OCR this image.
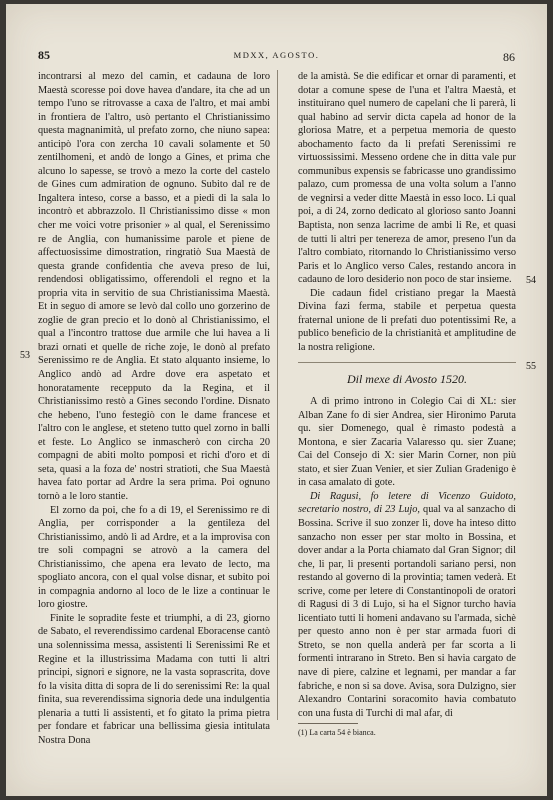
85	MDXX, AGOSTO.	86
53
54
55

incontrarsi al mezo del camin, et cadauna de loro Maestà scoresse poi dove havea d'andare, ita che ad un tempo l'uno se ritrovasse a caxa de l'altro, et mai ambi in frontiera de l'altro, usò pertanto el Christianissimo questa magnanimità, ul prefato zorno, che niuno sapea: anticipò l'ora con zercha 10 cavali solamente et 50 zentilhomeni, et andò de longo a Gines, et prima che alcuno lo sapesse, se trovò a mezo la corte del castelo de Gines cum admiration de ognuno. Subito dal re de Ingaltera inteso, corse a basso, et a piedi di la sala lo incontrò et abbrazzolo. Il Christianissimo disse « mon cher me voici votre prisonier » al qual, el Serenissimo re de Anglia, con humanissime parole et piene de affectuosissime dimostration, ringratiò Sua Maestà de questa grande confidentia che aveva preso de lui, rendendosi obligatissimo, offerendoli el regno et la propria vita in servitio de sua Christianissima Maestà. Et in seguo di amore se levò dal collo uno gorzerino de zoglie de gran precio et lo donò al Christianissimo, el qual a l'incontro trattose due armile che lui havea a li brazi ornati et quelle de riche zoje, le donò al prefato Serenissimo re de Anglia. Et stato alquanto insieme, lo Anglico andò ad Ardre dove era aspetato et honoratamente recepputo da la Regina, et il Christianissimo restò a Gines secondo l'ordine. Disnato che hebeno, l'uno festegiò con le dame francese et l'altro con le anglese, et steteno tutto quel zorno in balli et feste. Lo Anglico se inmascherò con circha 20 compagni de abiti molto pomposi et richi d'oro et di seta, quasi a la foza de' nostri stratioti, che Sua Maestà havea fato portar ad Ardre la sera prima. Poi ognuno tornò a le loro stantie.

El zorno da poi, che fo a di 19, el Serenissimo re di Anglia, per corrisponder a la gentileza del Christianissimo, andò lì ad Ardre, et a la improvisa con tre soli compagni se atrovò a la camera del Christianissimo, che apena era levato de lecto, ma spogliato ancora, con el qual volse disnar, et subito poi in compagnia andorno al loco de le lize a continuar le loro giostre.

Finite le sopradite feste et triumphi, a di 23, giorno de Sabato, el reverendissimo cardenal Eboracense cantò una solennissima messa, assistenti li Serenissimi Re et Regine et la illustrissima Madama con tutti li altri principi, signori e signore, ne la vasta soprascrita, dove fo la visita ditta di sopra de li do serenissimi Re: la qual finita, sua reverendissima signoria dede una indulgentia plenaria a tutti li assistenti, et fo gitato la prima pietra per fondare et fabricar una bellissima giesia intitulata Nostra Dona

de la amistà. Se die edificar et ornar di paramenti, et dotar a comune spese de l'una et l'altra Maestà, et instituirano quel numero de capelani che li parerà, li qual habino ad servir dicta capela ad honor de la gloriosa Matre, et a perpetua memoria de questo abochamento facto da li prefati Serenissimi re virtuossissimi. Messeno ordene che in ditta vale pur communibus expensis se fabricasse uno grandissimo palazo, cum promessa de una volta solum a l'anno de vegnirsi a veder ditte Maestà in esso loco. Li qual poi, a di 24, zorno dedicato al glorioso santo Joanni Baptista, non senza lacrime de ambi li Re, et quasi de tutti li altri per tenereza de amor, preseno l'un da l'altro combiato, ritornando lo Christianissimo verso Paris et lo Anglico verso Cales, restando ancora in cadauno de loro desiderio non poco de star insieme.

Die cadaun fidel cristiano pregar la Maestà Divina fazi ferma, stabile et perpetua questa fraternal unione de li prefati duo potentissimi Re, a publico beneficio de la christianità et amplitudine de la nostra religione.

Dil mexe di Avosto 1520.

A dì primo introno in Colegio Cai di XL: sier Alban Zane fo di sier Andrea, sier Hironimo Paruta qu. sier Domenego, qual è rimasto podestà a Montona, e sier Zacaria Valaresso qu. sier Zuane; Cai del Consejo di X: sier Marin Corner, non più stato, et sier Zuan Venier, et sier Zulian Gradenigo è in casa amalato di gote.

Di Ragusi, fo letere di Vicenzo Guidoto, secretario nostro, di 23 Lujo, qual va al sanzacho di Bossina. Scrive il suo zonzer lì, dove ha inteso ditto sanzacho non esser per star molto in Bossina, et dover andar a la Porta chiamato dal Gran Signor; dil che, li par, li presenti portandoli sariano persi, non restando al governo di la provintia; tamen vederà. Et scrive, come per letere di Constantinopoli de oratori di Ragusi di 3 di Lujo, si ha el Signor turcho havia licentiato tutti li homeni andavano su l'armada, sichè per questo anno non è per star armada fuori di Streto, se non quella anderà per far scorta a li formenti intrarano in Streto. Ben si havia cargato de nave di piere, calzine et legnami, per mandar a far fabriche, e non si sa dove. Avisa, sora Dulzigno, sier Alexandro Contarini soracomito havia combatuto con una fusta di Turchi di mal afar, di

(1) La carta 54 è bianca.
